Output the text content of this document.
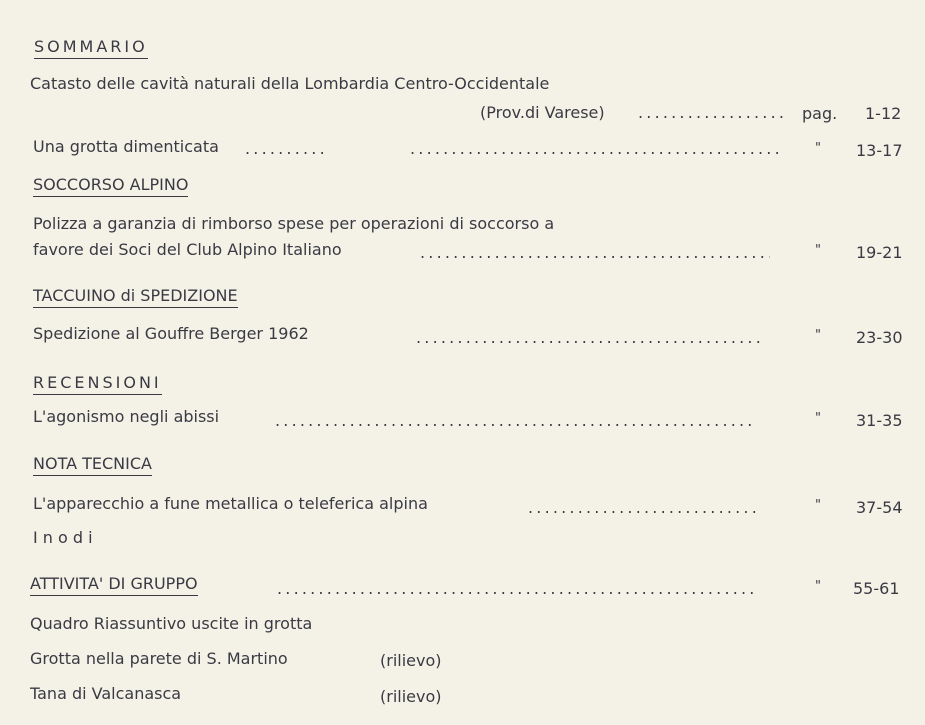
SOMMARIO
Catasto delle cavità naturali della Lombardia Centro-Occidentale
(Prov.di Varese) .....	pag. 1-12
Una grotta dimenticata ..... .....	" 13-17
SOCCORSO ALPINO
Polizza a garanzia di rimborso spese per operazioni di soccorso a
favore dei Soci del Club Alpino Italiano .....	" 19-21
TACCUINO di SPEDIZIONE
Spedizione al Gouffre Berger 1962 .....	" 23-30
RECENSIONI
L'agonismo negli abissi .....	" 31-35
NOTA TECNICA
L'apparecchio a fune metallica o teleferica alpina .....	" 37-54
I n o d i
ATTIVITA' DI GRUPPO .....	" 55-61
Quadro Riassuntivo uscite in grotta
Grotta nella parete di S. Martino	(rilievo)
Tana di Valcanasca	(rilievo)
